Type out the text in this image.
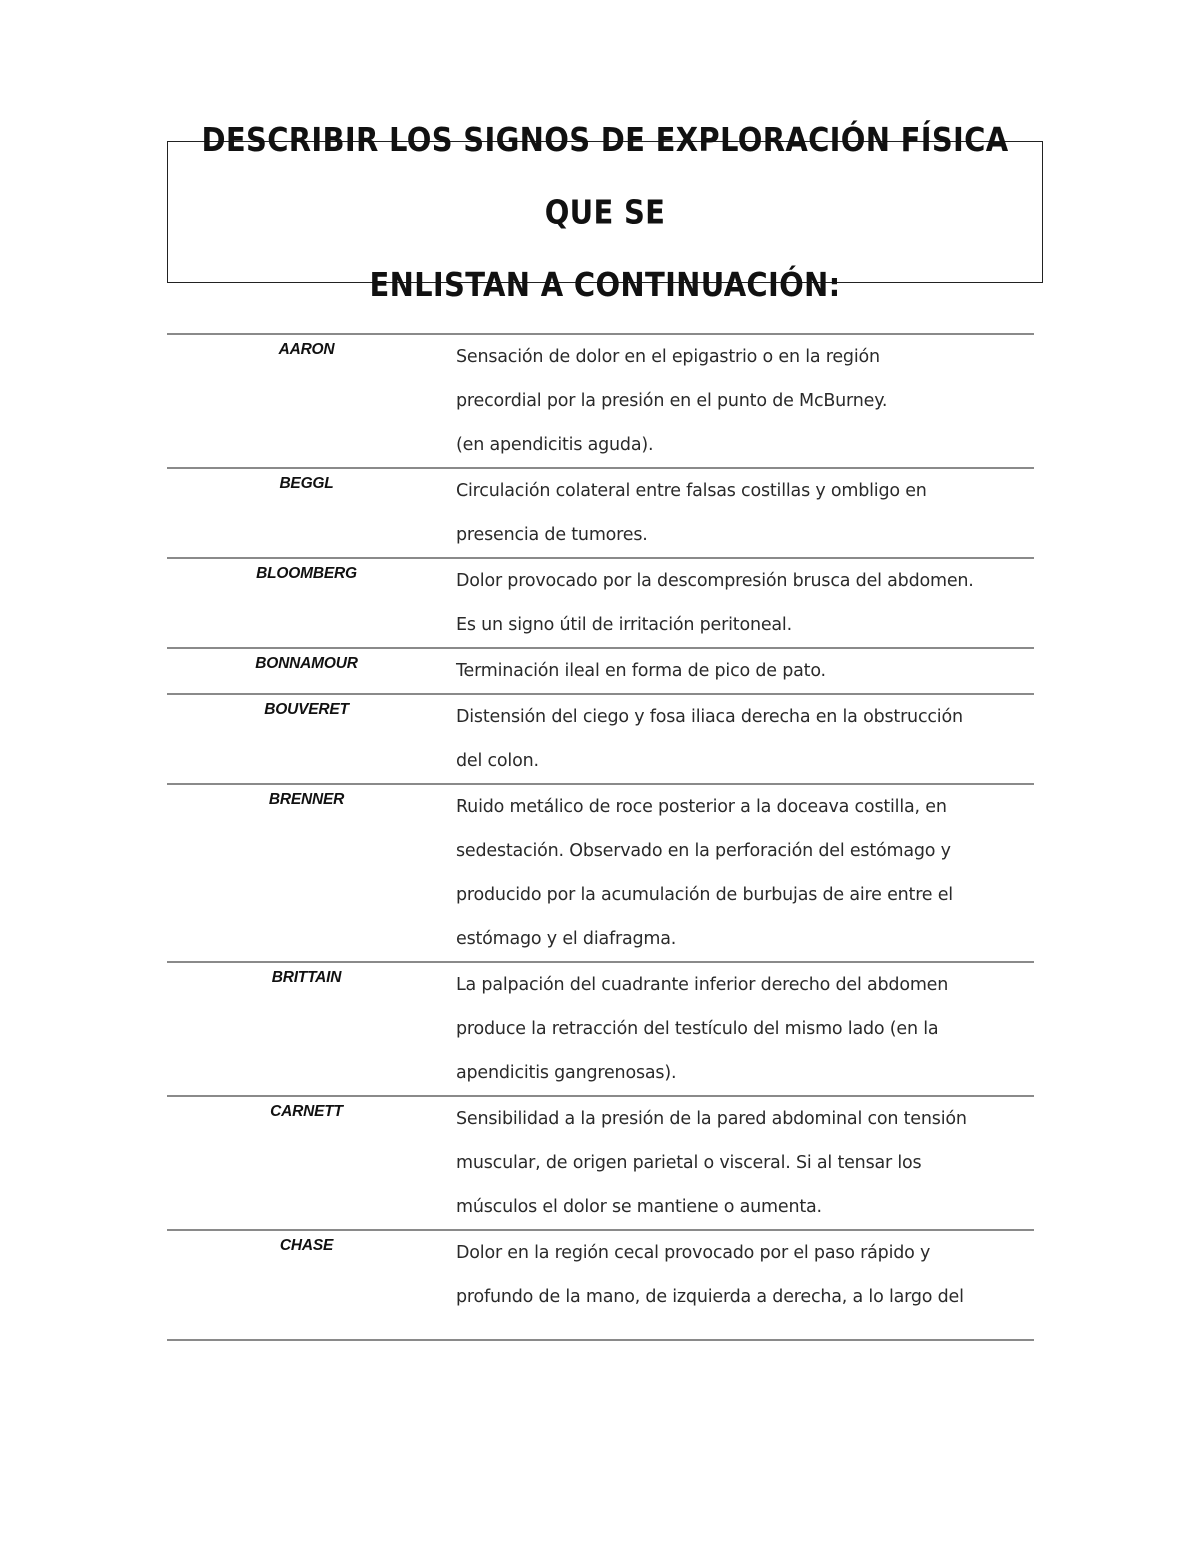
DESCRIBIR LOS SIGNOS DE EXPLORACIÓN FÍSICA QUE SE
ENLISTAN A CONTINUACIÓN:
AARON	Sensación de dolor en el epigastrio o en la región
precordial por la presión en el punto de McBurney.
(en apendicitis aguda).

BEGGL	Circulación colateral entre falsas costillas y ombligo en
presencia de tumores.

BLOOMBERG	Dolor provocado por la descompresión brusca del abdomen.
Es un signo útil de irritación peritoneal.

BONNAMOUR	Terminación ileal en forma de pico de pato.

BOUVERET	Distensión del ciego y fosa iliaca derecha en la obstrucción
del colon.

BRENNER	Ruido metálico de roce posterior a la doceava costilla, en
sedestación. Observado en la perforación del estómago y
producido por la acumulación de burbujas de aire entre el
estómago y el diafragma.

BRITTAIN	La palpación del cuadrante inferior derecho del abdomen
produce la retracción del testículo del mismo lado (en la
apendicitis gangrenosas).

CARNETT	Sensibilidad a la presión de la pared abdominal con tensión
muscular, de origen parietal o visceral. Si al tensar los
músculos el dolor se mantiene o aumenta.

CHASE	Dolor en la región cecal provocado por el paso rápido y
profundo de la mano, de izquierda a derecha, a lo largo del
